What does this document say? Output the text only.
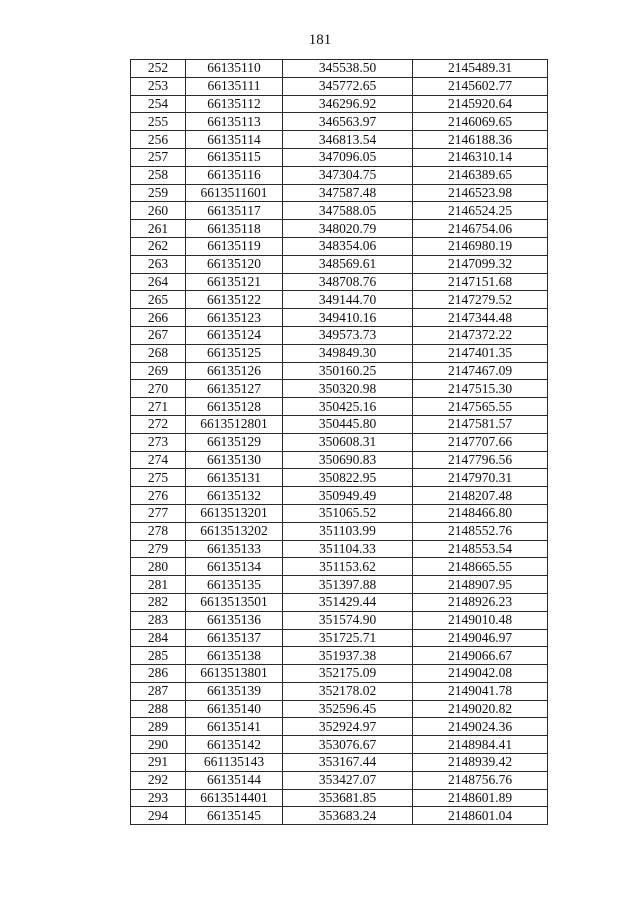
181
252	66135110	345538.50	2145489.31
253	66135111	345772.65	2145602.77
254	66135112	346296.92	2145920.64
255	66135113	346563.97	2146069.65
256	66135114	346813.54	2146188.36
257	66135115	347096.05	2146310.14
258	66135116	347304.75	2146389.65
259	6613511601	347587.48	2146523.98
260	66135117	347588.05	2146524.25
261	66135118	348020.79	2146754.06
262	66135119	348354.06	2146980.19
263	66135120	348569.61	2147099.32
264	66135121	348708.76	2147151.68
265	66135122	349144.70	2147279.52
266	66135123	349410.16	2147344.48
267	66135124	349573.73	2147372.22
268	66135125	349849.30	2147401.35
269	66135126	350160.25	2147467.09
270	66135127	350320.98	2147515.30
271	66135128	350425.16	2147565.55
272	6613512801	350445.80	2147581.57
273	66135129	350608.31	2147707.66
274	66135130	350690.83	2147796.56
275	66135131	350822.95	2147970.31
276	66135132	350949.49	2148207.48
277	6613513201	351065.52	2148466.80
278	6613513202	351103.99	2148552.76
279	66135133	351104.33	2148553.54
280	66135134	351153.62	2148665.55
281	66135135	351397.88	2148907.95
282	6613513501	351429.44	2148926.23
283	66135136	351574.90	2149010.48
284	66135137	351725.71	2149046.97
285	66135138	351937.38	2149066.67
286	6613513801	352175.09	2149042.08
287	66135139	352178.02	2149041.78
288	66135140	352596.45	2149020.82
289	66135141	352924.97	2149024.36
290	66135142	353076.67	2148984.41
291	661135143	353167.44	2148939.42
292	66135144	353427.07	2148756.76
293	6613514401	353681.85	2148601.89
294	66135145	353683.24	2148601.04
